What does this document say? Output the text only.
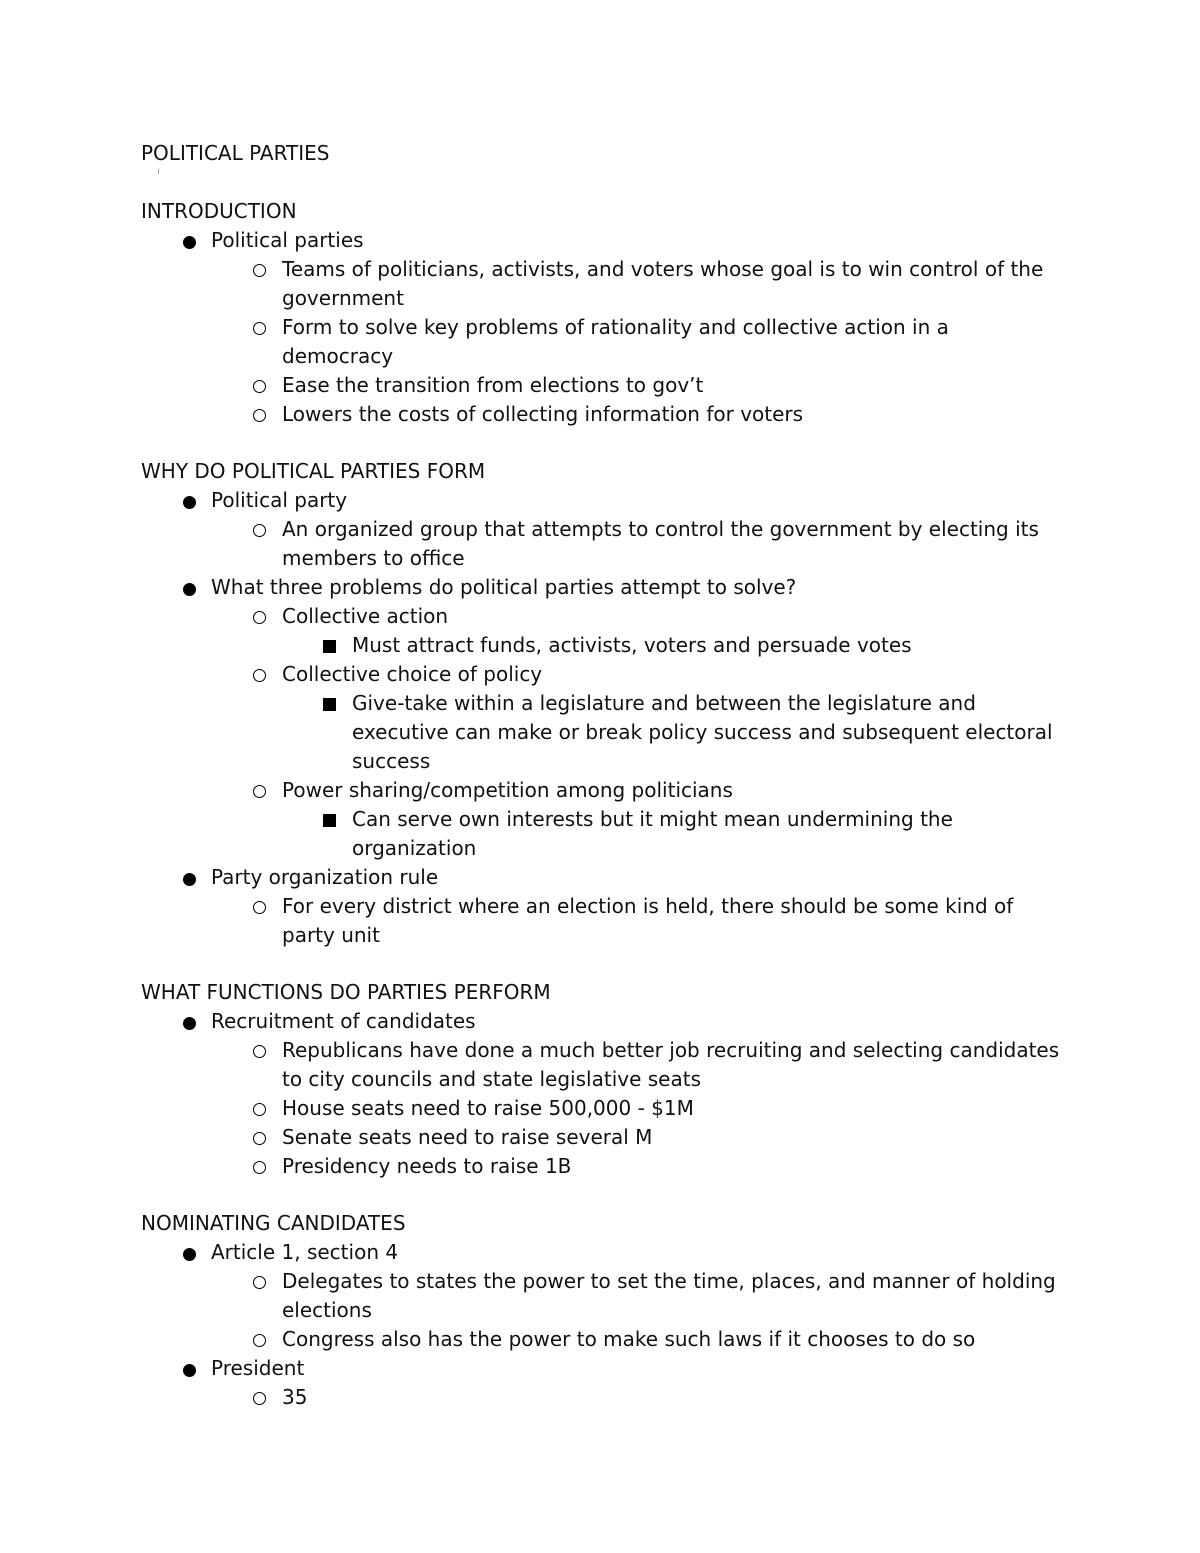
POLITICAL PARTIES
INTRODUCTION
Political parties
Teams of politicians, activists, and voters whose goal is to win control of the government
Form to solve key problems of rationality and collective action in a democracy
Ease the transition from elections to gov’t
Lowers the costs of collecting information for voters
WHY DO POLITICAL PARTIES FORM
Political party
An organized group that attempts to control the government by electing its members to office
What three problems do political parties attempt to solve?
Collective action
Must attract funds, activists, voters and persuade votes
Collective choice of policy
Give-take within a legislature and between the legislature and executive can make or break policy success and subsequent electoral success
Power sharing/competition among politicians
Can serve own interests but it might mean undermining the organization
Party organization rule
For every district where an election is held, there should be some kind of party unit
WHAT FUNCTIONS DO PARTIES PERFORM
Recruitment of candidates
Republicans have done a much better job recruiting and selecting candidates to city councils and state legislative seats
House seats need to raise 500,000 - $1M
Senate seats need to raise several M
Presidency needs to raise 1B
NOMINATING CANDIDATES
Article 1, section 4
Delegates to states the power to set the time, places, and manner of holding elections
Congress also has the power to make such laws if it chooses to do so
President
35
